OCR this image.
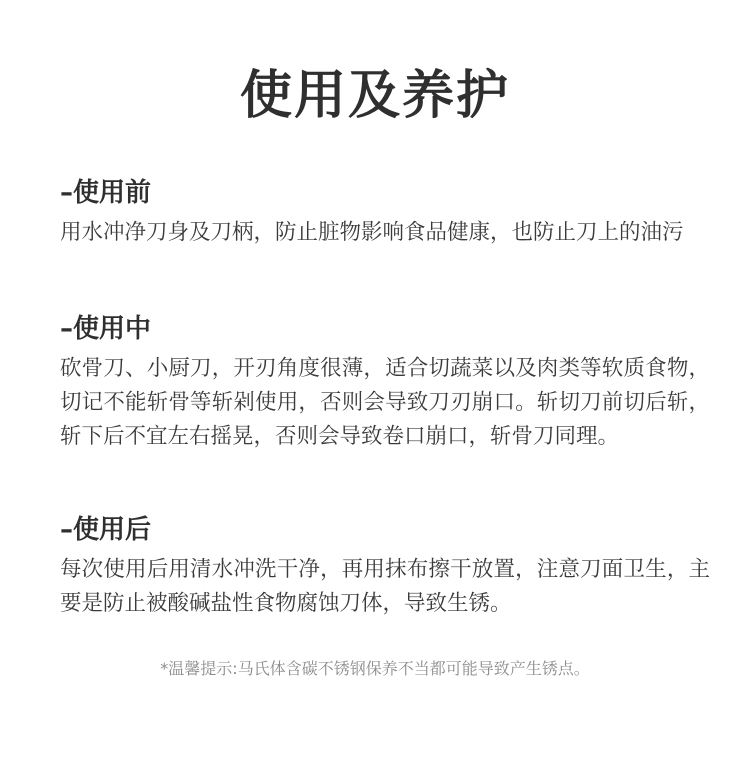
使用及养护
–使用前

用水冲净刀身及刀柄，防止脏物影响食品健康，也防止刀上的油污

–使用中

砍骨刀、小厨刀，开刃角度很薄，适合切蔬菜以及肉类等软质食物，切记不能斩骨等斩剁使用，否则会导致刀刃崩口。斩切刀前切后斩，斩下后不宜左右摇晃，否则会导致卷口崩口，斩骨刀同理。

–使用后

每次使用后用清水冲洗干净，再用抹布擦干放置，注意刀面卫生，主要是防止被酸碱盐性食物腐蚀刀体，导致生锈。

*温馨提示:马氏体含碳不锈钢保养不当都可能导致产生锈点。
